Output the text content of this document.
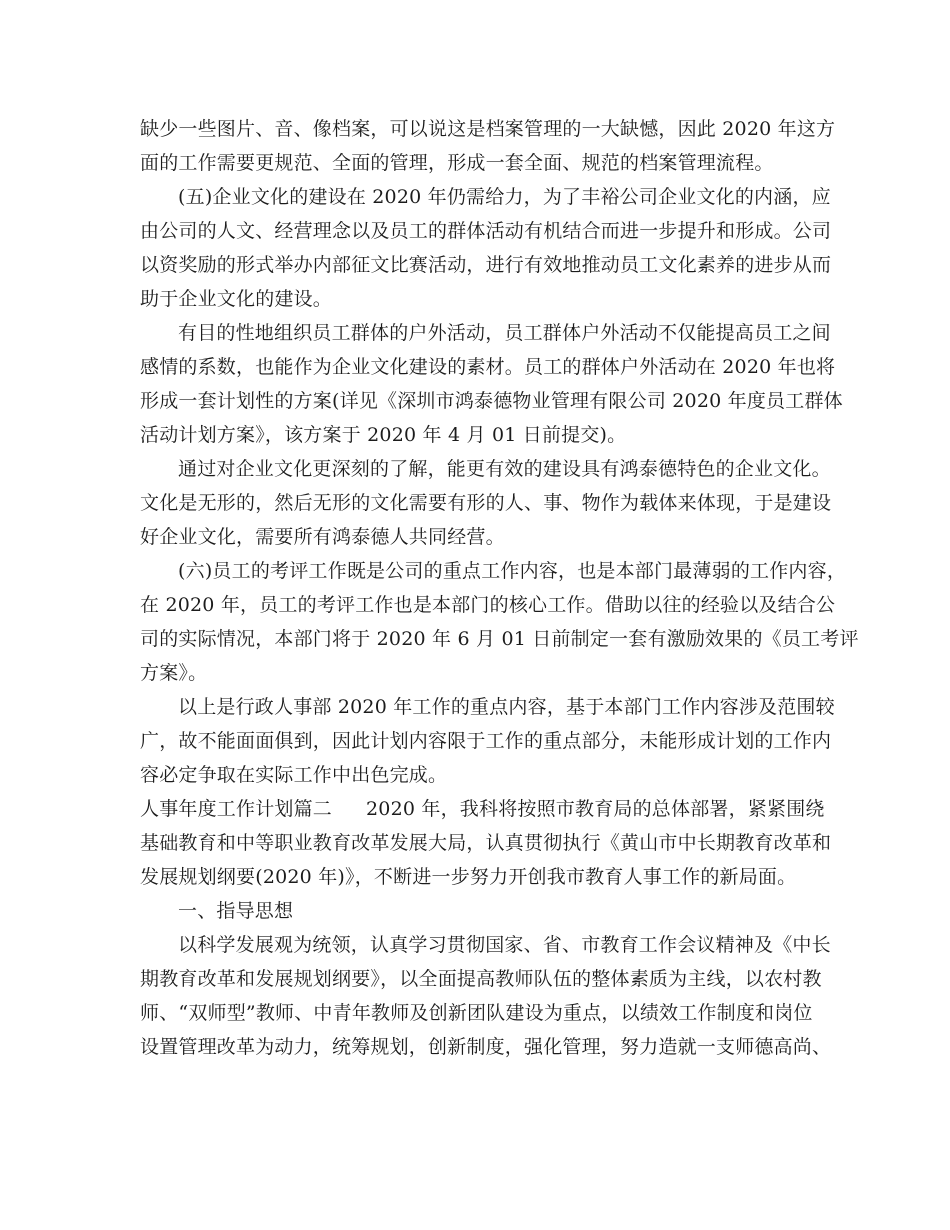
缺少一些图片、音、像档案，可以说这是档案管理的一大缺憾，因此 2020 年这方
面的工作需要更规范、全面的管理，形成一套全面、规范的档案管理流程。
(五)企业文化的建设在 2020 年仍需给力，为了丰裕公司企业文化的内涵，应
由公司的人文、经营理念以及员工的群体活动有机结合而进一步提升和形成。公司
以资奖励的形式举办内部征文比赛活动，进行有效地推动员工文化素养的进步从而
助于企业文化的建设。
有目的性地组织员工群体的户外活动，员工群体户外活动不仅能提高员工之间
感情的系数，也能作为企业文化建设的素材。员工的群体户外活动在 2020 年也将
形成一套计划性的方案(详见《深圳市鸿泰德物业管理有限公司 2020 年度员工群体
活动计划方案》，该方案于 2020 年 4 月 01 日前提交)。
通过对企业文化更深刻的了解，能更有效的建设具有鸿泰德特色的企业文化。
文化是无形的，然后无形的文化需要有形的人、事、物作为载体来体现，于是建设
好企业文化，需要所有鸿泰德人共同经营。
(六)员工的考评工作既是公司的重点工作内容，也是本部门最薄弱的工作内容，
在 2020 年，员工的考评工作也是本部门的核心工作。借助以往的经验以及结合公
司的实际情况，本部门将于 2020 年 6 月 01 日前制定一套有激励效果的《员工考评
方案》。
以上是行政人事部 2020 年工作的重点内容，基于本部门工作内容涉及范围较
广，故不能面面俱到，因此计划内容限于工作的重点部分，未能形成计划的工作内
容必定争取在实际工作中出色完成。
人事年度工作计划篇二 2020 年，我科将按照市教育局的总体部署，紧紧围绕
基础教育和中等职业教育改革发展大局，认真贯彻执行《黄山市中长期教育改革和
发展规划纲要(2020 年)》，不断进一步努力开创我市教育人事工作的新局面。
一、指导思想
以科学发展观为统领，认真学习贯彻国家、省、市教育工作会议精神及《中长
期教育改革和发展规划纲要》，以全面提高教师队伍的整体素质为主线，以农村教
师、“双师型”教师、中青年教师及创新团队建设为重点，以绩效工作制度和岗位
设置管理改革为动力，统筹规划，创新制度，强化管理，努力造就一支师德高尚、
